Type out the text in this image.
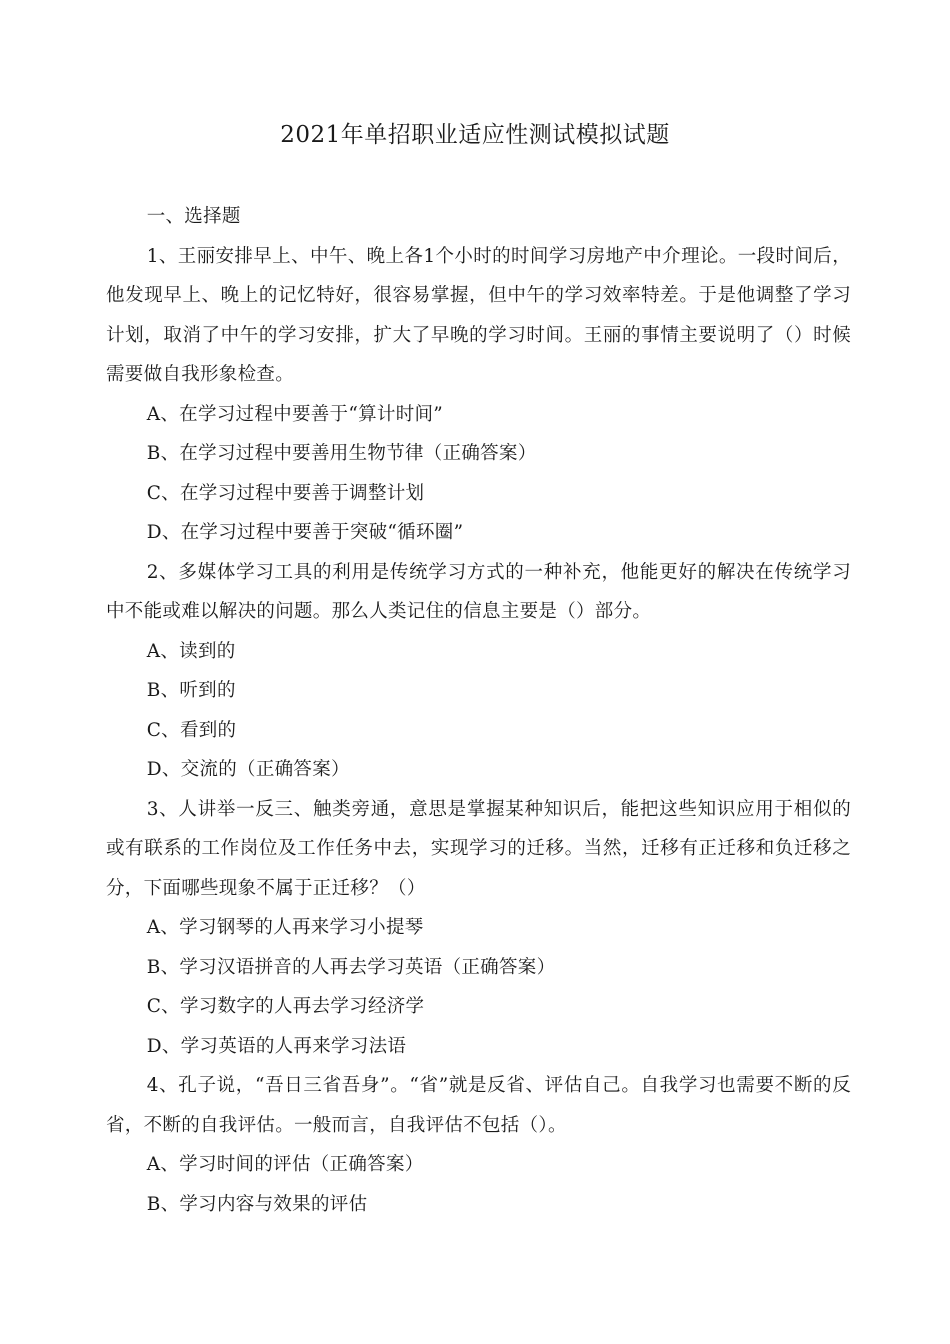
2021年单招职业适应性测试模拟试题

一、选择题

1、王丽安排早上、中午、晚上各1个小时的时间学习房地产中介理论。一段时间后，他发现早上、晚上的记忆特好，很容易掌握，但中午的学习效率特差。于是他调整了学习计划，取消了中午的学习安排，扩大了早晚的学习时间。王丽的事情主要说明了（）时候需要做自我形象检查。

A、在学习过程中要善于“算计时间”

B、在学习过程中要善用生物节律（正确答案）

C、在学习过程中要善于调整计划

D、在学习过程中要善于突破“循环圈”

2、多媒体学习工具的利用是传统学习方式的一种补充，他能更好的解决在传统学习中不能或难以解决的问题。那么人类记住的信息主要是（）部分。

A、读到的

B、听到的

C、看到的

D、交流的（正确答案）

3、人讲举一反三、触类旁通，意思是掌握某种知识后，能把这些知识应用于相似的或有联系的工作岗位及工作任务中去，实现学习的迁移。当然，迁移有正迁移和负迁移之分，下面哪些现象不属于正迁移？（）

A、学习钢琴的人再来学习小提琴

B、学习汉语拼音的人再去学习英语（正确答案）

C、学习数字的人再去学习经济学

D、学习英语的人再来学习法语

4、孔子说，“吾日三省吾身”。“省”就是反省、评估自己。自我学习也需要不断的反省，不断的自我评估。一般而言，自我评估不包括（）。

A、学习时间的评估（正确答案）

B、学习内容与效果的评估
